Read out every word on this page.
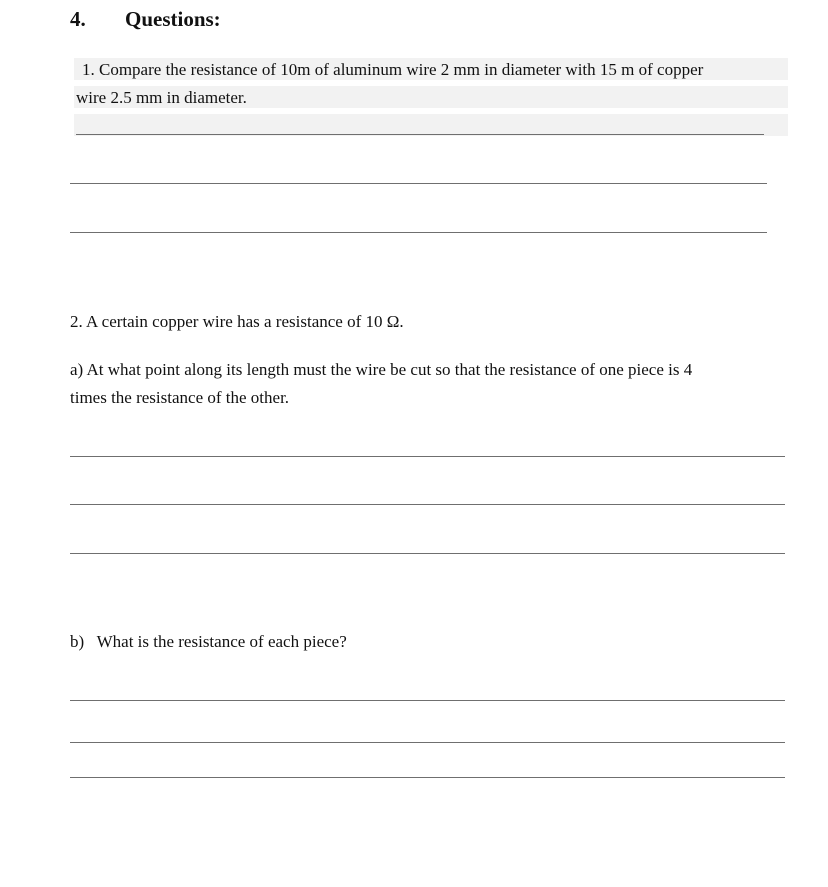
4. Questions:
1. Compare the resistance of 10m of aluminum wire 2 mm in diameter with 15 m of copper
wire 2.5 mm in diameter.
2. A certain copper wire has a resistance of 10 Ω.
a) At what point along its length must the wire be cut so that the resistance of one piece is 4
times the resistance of the other.
b)   What is the resistance of each piece?
